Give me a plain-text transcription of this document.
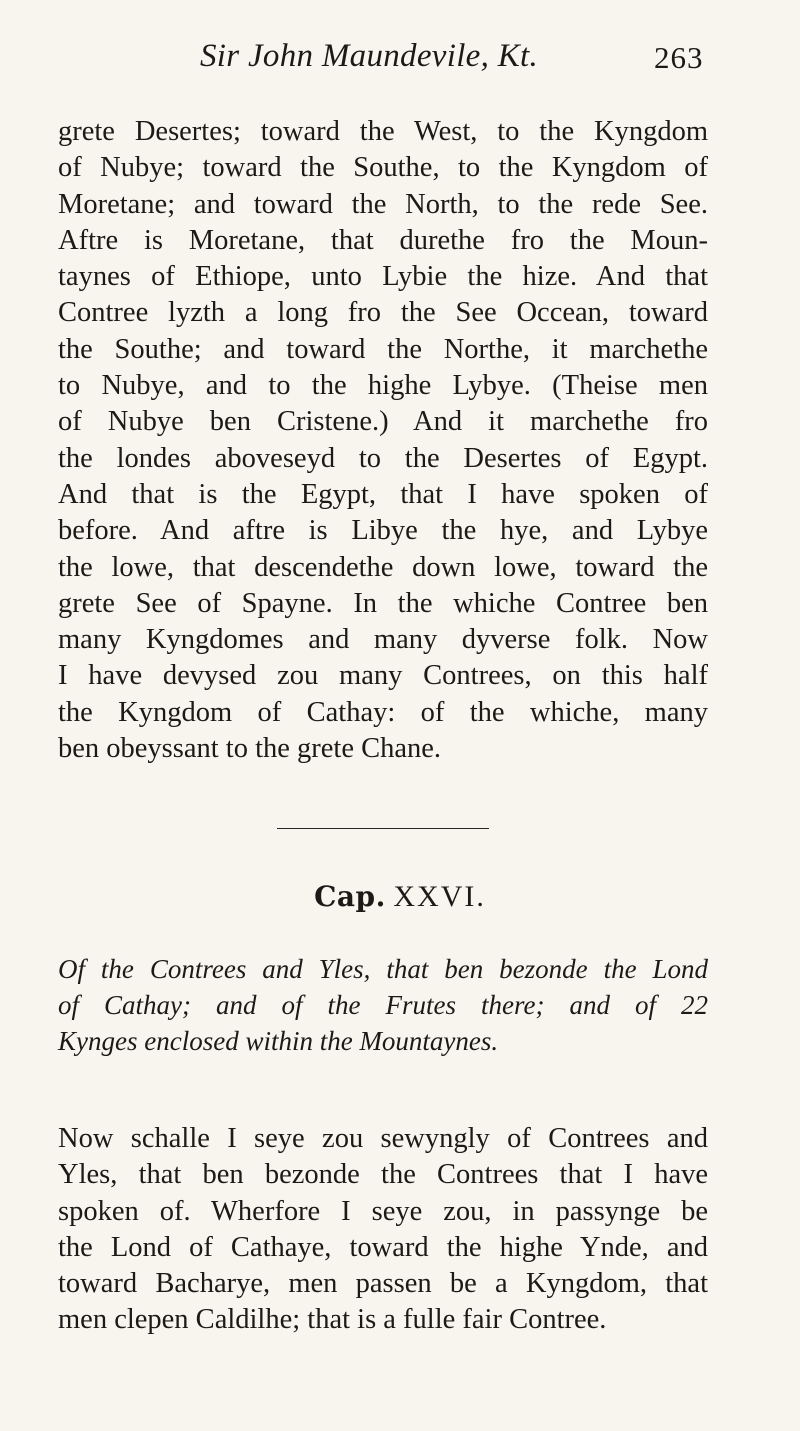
Sir John Maundevile, Kt.	263
grete Desertes; toward the West, to the Kyngdom
of Nubye; toward the Southe, to the Kyngdom of
Moretane; and toward the North, to the rede See.
Aftre is Moretane, that durethe fro the Moun-
taynes of Ethiope, unto Lybie the hize. And that
Contree lyzth a long fro the See Occean, toward
the Southe; and toward the Northe, it marchethe
to Nubye, and to the highe Lybye. (Theise men
of Nubye ben Cristene.) And it marchethe fro
the londes aboveseyd to the Desertes of Egypt.
And that is the Egypt, that I have spoken of
before. And aftre is Libye the hye, and Lybye
the lowe, that descendethe down lowe, toward the
grete See of Spayne. In the whiche Contree ben
many Kyngdomes and many dyverse folk. Now
I have devysed zou many Contrees, on this half
the Kyngdom of Cathay: of the whiche, many
ben obeyssant to the grete Chane.
Cap. XXVI.
Of the Contrees and Yles, that ben bezonde the Lond
of Cathay; and of the Frutes there; and of 22
Kynges enclosed within the Mountaynes.
Now schalle I seye zou sewyngly of Contrees and
Yles, that ben bezonde the Contrees that I have
spoken of. Wherfore I seye zou, in passynge be
the Lond of Cathaye, toward the highe Ynde, and
toward Bacharye, men passen be a Kyngdom, that
men clepen Caldilhe; that is a fulle fair Contree.
